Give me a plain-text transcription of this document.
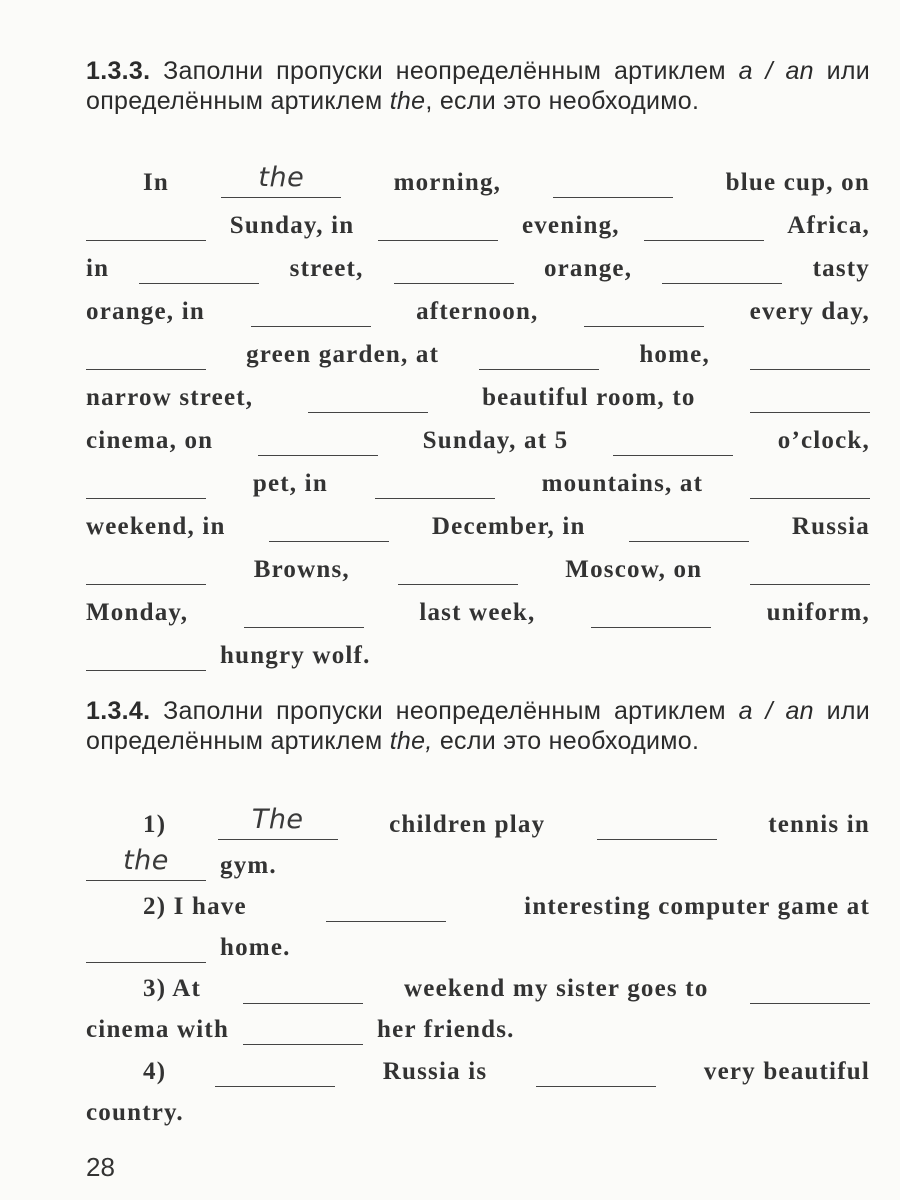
1.3.3. Заполни пропуски неопределённым артиклем a / an или определённым артиклем the, если это необходимо.
In	the	morning,	blue cup, on
Sunday, in	evening,	Africa,
in	street,	orange,	tasty
orange, in	afternoon,	every day,
green garden, at	home,
narrow street,	beautiful room, to
cinema, on	Sunday, at 5	o’clock,
pet, in	mountains, at
weekend, in	December, in	Russia
Browns,	Moscow, on
Monday,	last week,	uniform,
hungry wolf.
1.3.4. Заполни пропуски неопределённым артиклем a / an или определённым артиклем the, если это необходимо.
1)	The	children play	tennis in
the	gym.
2) I have	interesting computer game at
home.
3) At	weekend my sister goes to
cinema with	her friends.
4)	Russia is	very beautiful
country.
28
